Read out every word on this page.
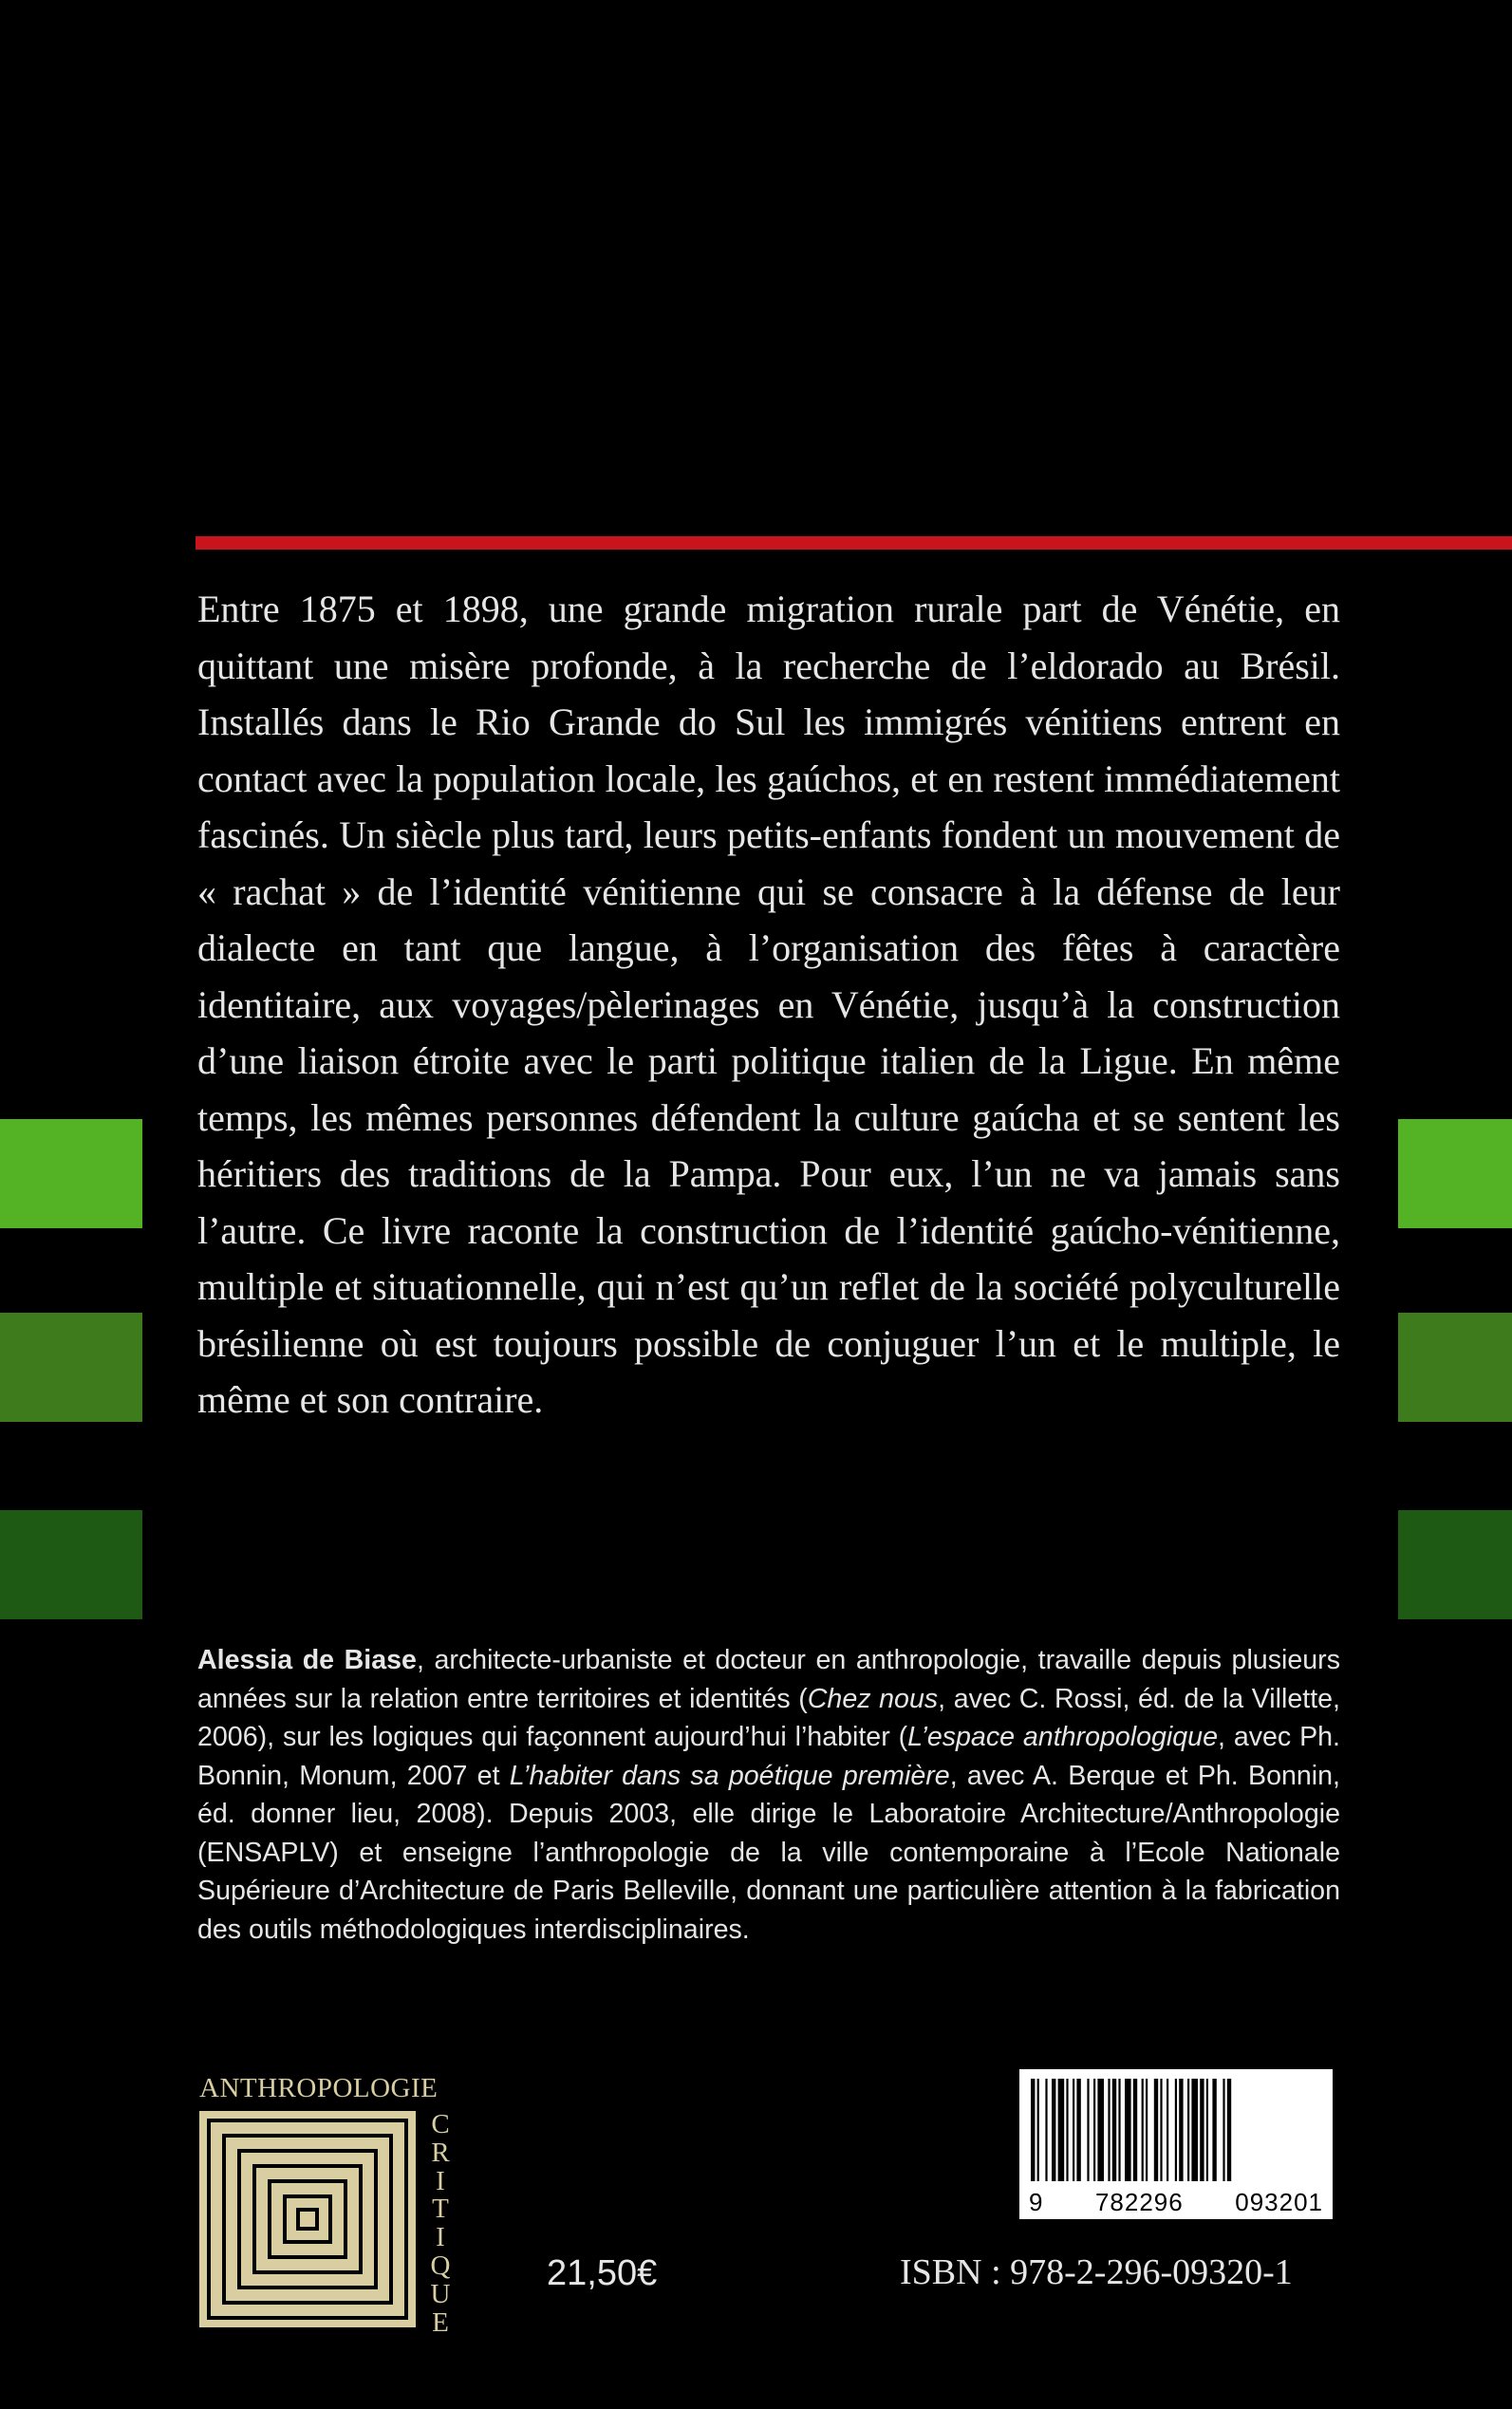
Entre 1875 et 1898, une grande migration rurale part de Vénétie, en quittant une misère profonde, à la recherche de l’eldorado au Brésil. Installés dans le Rio Grande do Sul les immigrés vénitiens entrent en contact avec la population locale, les gaúchos, et en restent immédiatement fascinés. Un siècle plus tard, leurs petits-enfants fondent un mouvement de « rachat » de l’identité vénitienne qui se consacre à la défense de leur dialecte en tant que langue, à l’organisation des fêtes à caractère identitaire, aux voyages/pèlerinages en Vénétie, jusqu’à la construction d’une liaison étroite avec le parti politique italien de la Ligue. En même temps, les mêmes personnes défendent la culture gaúcha et se sentent les héritiers des traditions de la Pampa. Pour eux, l’un ne va jamais sans l’autre. Ce livre raconte la construction de l’identité gaúcho-vénitienne, multiple et situationnelle, qui n’est qu’un reflet de la société polyculturelle brésilienne où est toujours possible de conjuguer l’un et le multiple, le même et son contraire.

Alessia de Biase, architecte-urbaniste et docteur en anthropologie, travaille depuis plusieurs années sur la relation entre territoires et identités (Chez nous, avec C. Rossi, éd. de la Villette, 2006), sur les logiques qui façonnent aujourd’hui l’habiter (L’espace anthropologique, avec Ph. Bonnin, Monum, 2007 et L’habiter dans sa poétique première, avec A. Berque et Ph. Bonnin, éd. donner lieu, 2008). Depuis 2003, elle dirige le Laboratoire Architecture/Anthropologie (ENSAPLV) et enseigne l’anthropologie de la ville contemporaine à l’Ecole Nationale Supérieure d’Architecture de Paris Belleville, donnant une particulière attention à la fabrication des outils méthodologiques interdisciplinaires.

ANTHROPOLOGIE
C
R
I
T
I
Q
U
E
21,50€
9 782296 093201
ISBN : 978-2-296-09320-1
